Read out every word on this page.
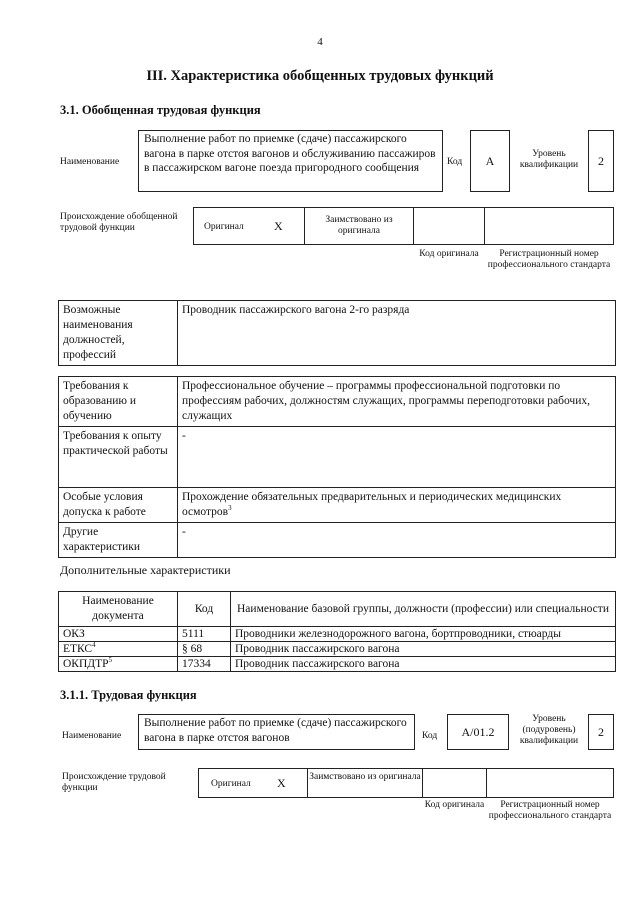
4
III. Характеристика обобщенных трудовых функций
3.1. Обобщенная трудовая функция
Наименование
Выполнение работ по приемке (сдаче) пассажирского вагона в парке отстоя вагонов и обслуживанию пассажиров в пассажирском вагоне поезда пригородного сообщения	Код	A	Уровень квалификации	2
Происхождение обобщенной трудовой функции	Оригинал	X	Заимствовано из оригинала
Код оригинала	Регистрационный номер профессионального стандарта
Возможные наименования должностей, профессий	Проводник пассажирского вагона 2-го разряда
Требования к образованию и обучению	Профессиональное обучение – программы профессиональной подготовки по профессиям рабочих, должностям служащих, программы переподготовки рабочих, служащих
Требования к опыту практической работы	-
Особые условия допуска к работе	Прохождение обязательных предварительных и периодических медицинских осмотров$^3$
Другие характеристики	-
Дополнительные характеристики
Наименование документа	Код	Наименование базовой группы, должности (профессии) или специальности
ОКЗ	5111	Проводники железнодорожного вагона, бортпроводники, стюарды
ЕТКС$^4$	§ 68	Проводник пассажирского вагона
ОКПДТР$^5$	17334	Проводник пассажирского вагона
3.1.1. Трудовая функция
Наименование
Выполнение работ по приемке (сдаче) пассажирского вагона в парке отстоя вагонов	Код	A/01.2
Уровень (подуровень) квалификации
2
Происхождение трудовой функции	Оригинал X Заимствовано из оригинала
Код оригинала	Регистрационный номер профессионального стандарта
